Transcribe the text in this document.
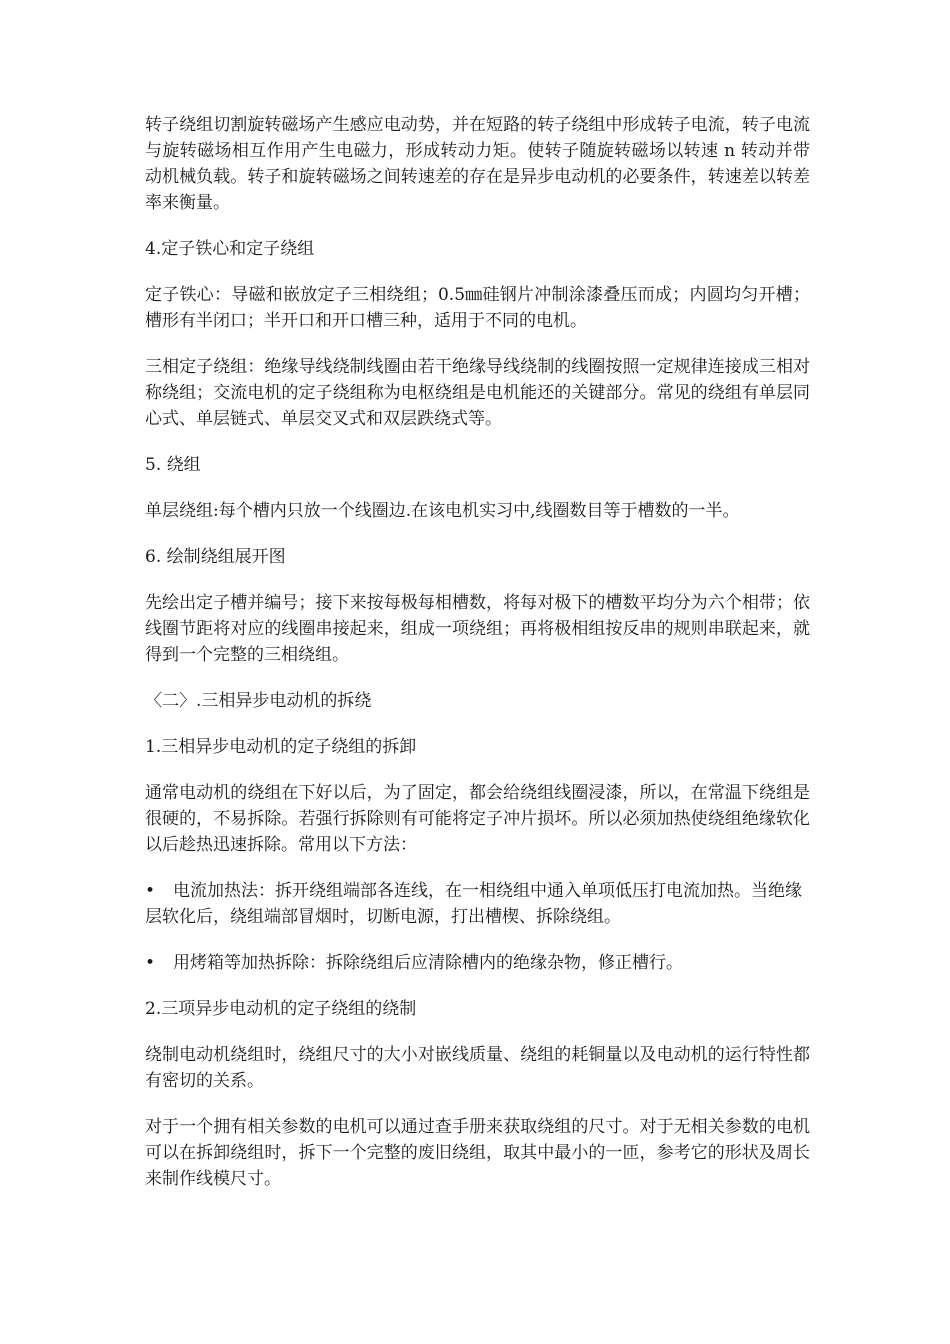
转子绕组切割旋转磁场产生感应电动势，并在短路的转子绕组中形成转子电流，转子电流与旋转磁场相互作用产生电磁力，形成转动力矩。使转子随旋转磁场以转速 n 转动并带动机械负载。转子和旋转磁场之间转速差的存在是异步电动机的必要条件，转速差以转差率来衡量。

4.定子铁心和定子绕组

定子铁心：导磁和嵌放定子三相绕组；0.5㎜硅钢片冲制涂漆叠压而成；内圆均匀开槽；槽形有半闭口；半开口和开口槽三种，适用于不同的电机。

三相定子绕组：绝缘导线绕制线圈由若干绝缘导线绕制的线圈按照一定规律连接成三相对称绕组；交流电机的定子绕组称为电枢绕组是电机能还的关键部分。常见的绕组有单层同心式、单层链式、单层交叉式和双层跌绕式等。

5. 绕组

单层绕组:每个槽内只放一个线圈边.在该电机实习中,线圈数目等于槽数的一半。

6. 绘制绕组展开图

先绘出定子槽并编号；接下来按每极每相槽数，将每对极下的槽数平均分为六个相带；依线圈节距将对应的线圈串接起来，组成一项绕组；再将极相组按反串的规则串联起来，就得到一个完整的三相绕组。

〈二〉.三相异步电动机的拆绕

1.三相异步电动机的定子绕组的拆卸

通常电动机的绕组在下好以后，为了固定，都会给绕组线圈浸漆，所以，在常温下绕组是很硬的，不易拆除。若强行拆除则有可能将定子冲片损坏。所以必须加热使绕组绝缘软化以后趁热迅速拆除。常用以下方法：

•	电流加热法：拆开绕组端部各连线，在一相绕组中通入单项低压打电流加热。当绝缘层软化后，绕组端部冒烟时，切断电源，打出槽楔、拆除绕组。
•	用烤箱等加热拆除：拆除绕组后应清除槽内的绝缘杂物，修正槽行。

2.三项异步电动机的定子绕组的绕制

绕制电动机绕组时，绕组尺寸的大小对嵌线质量、绕组的耗铜量以及电动机的运行特性都有密切的关系。

对于一个拥有相关参数的电机可以通过查手册来获取绕组的尺寸。对于无相关参数的电机可以在拆卸绕组时，拆下一个完整的废旧绕组，取其中最小的一匝，参考它的形状及周长来制作线模尺寸。
